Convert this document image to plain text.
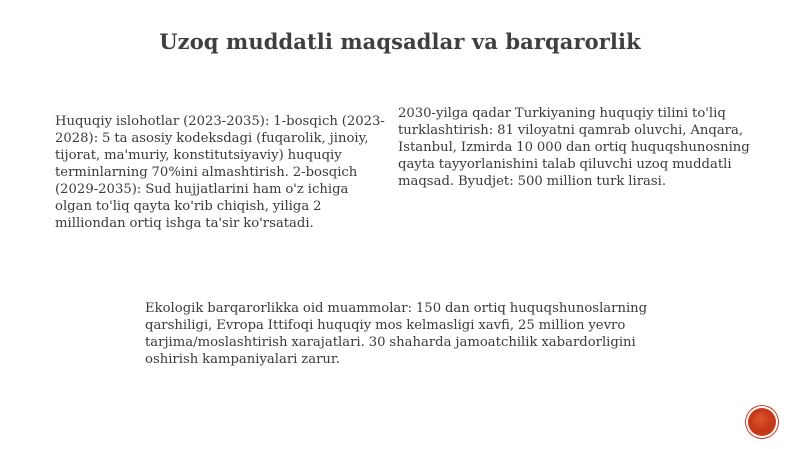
Uzoq muddatli maqsadlar va barqarorlik

Huquqiy islohotlar (2023-2035): 1-bosqich (2023-2028): 5 ta asosiy kodeksdagi (fuqarolik, jinoiy, tijorat, ma'muriy, konstitutsiyaviy) huquqiy terminlarning 70%ini almashtirish. 2-bosqich (2029-2035): Sud hujjatlarini ham o'z ichiga olgan to'liq qayta ko'rib chiqish, yiliga 2 milliondan ortiq ishga ta'sir ko'rsatadi.

2030-yilga qadar Turkiyaning huquqiy tilini to'liq turklashtirish: 81 viloyatni qamrab oluvchi, Anqara, Istanbul, Izmirda 10 000 dan ortiq huquqshunosning qayta tayyorlanishini talab qiluvchi uzoq muddatli maqsad. Byudjet: 500 million turk lirasi.

Ekologik barqarorlikka oid muammolar: 150 dan ortiq huquqshunoslarning qarshiligi, Evropa Ittifoqi huquqiy mos kelmasligi xavfi, 25 million yevro tarjima/moslashtirish xarajatlari. 30 shaharda jamoatchilik xabardorligini oshirish kampaniyalari zarur.
